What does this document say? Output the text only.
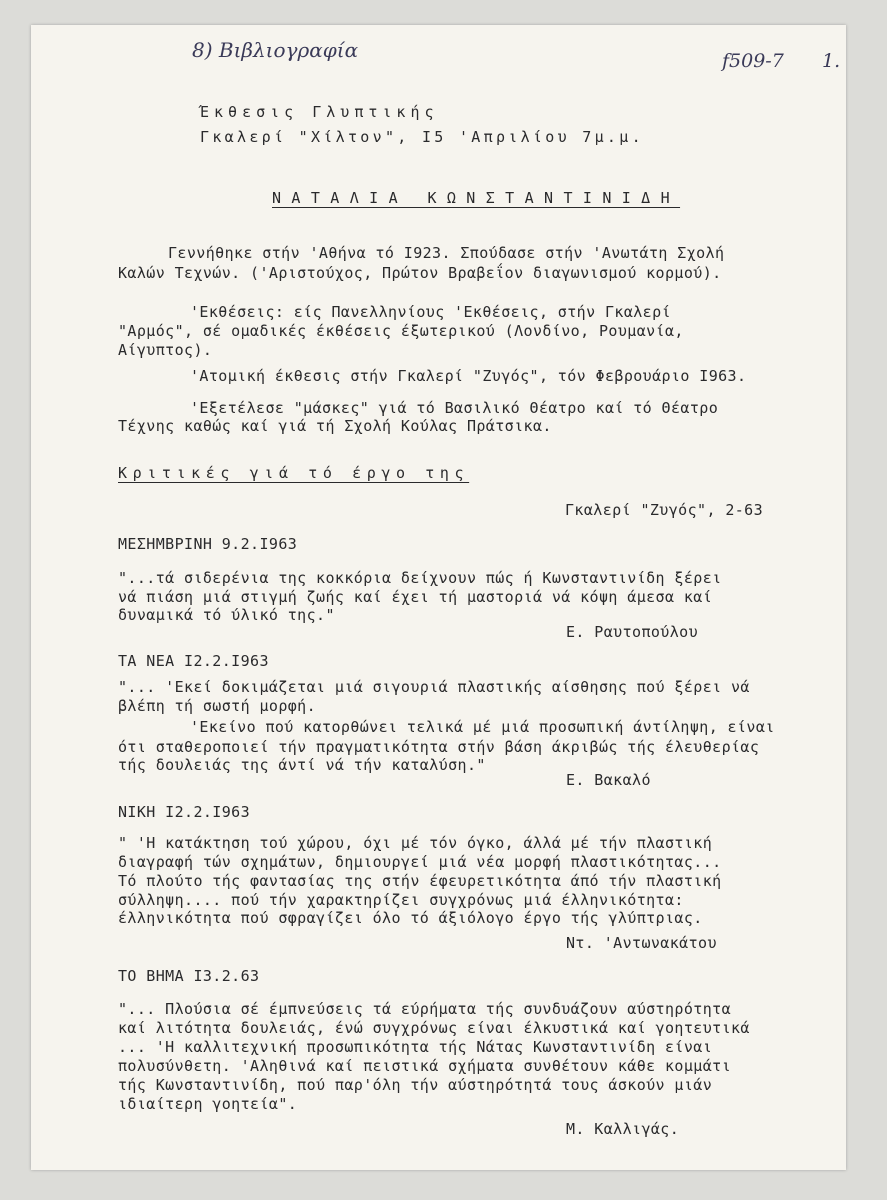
8) Βιβλιογραφία	f509-7 1.
Έκθεσις Γλυπτικής
Γκαλερί "Χίλτον", Ι5 'Απριλίου 7μ.μ.
ΝΑΤΑΛΙΑ ΚΩΝΣΤΑΝΤΙΝΙΔΗ
Γεννήθηκε στήν 'Αθήνα τό Ι923. Σπούδασε στήν 'Ανωτάτη Σχολή
Καλών Τεχνών. ('Αριστούχος, Πρώτον Βραβεΐον διαγωνισμού κορμού).
'Εκθέσεις: είς Πανελληνίους 'Εκθέσεις, στήν Γκαλερί
"Αρμός", σέ ομαδικές έκθέσεις έξωτερικού (Λονδίνο, Ρουμανία,
Αίγυπτος).
'Ατομική έκθεσις στήν Γκαλερί "Ζυγός", τόν Φεβρουάριο Ι963.
'Εξετέλεσε "μάσκες" γιά τό Βασιλικό Θέατρο καί τό Θέατρο
Τέχνης καθώς καί γιά τή Σχολή Κούλας Πράτσικα.
Κριτικές γιά τό έργο της
Γκαλερί "Ζυγός", 2-63
ΜΕΣΗΜΒΡΙΝΗ 9.2.Ι963
"...τά σιδερένια της κοκκόρια δείχνουν πώς ή Κωνσταντινίδη ξέρει
νά πιάση μιά στιγμή ζωής καί έχει τή μαστοριά νά κόψη άμεσα καί
δυναμικά τό ύλικό της."
Ε. Ραυτοπούλου
ΤΑ ΝΕΑ Ι2.2.Ι963
"... 'Εκεί δοκιμάζεται μιά σιγουριά πλαστικής αίσθησης πού ξέρει νά
βλέπη τή σωστή μορφή.
'Εκείνο πού κατορθώνει τελικά μέ μιά προσωπική άντίληψη, είναι
ότι σταθεροποιεί τήν πραγματικότητα στήν βάση άκριβώς τής έλευθερίας
τής δουλειάς της άντί νά τήν καταλύση."
Ε. Βακαλό
ΝΙΚΗ Ι2.2.Ι963
" 'Η κατάκτηση τού χώρου, όχι μέ τόν όγκο, άλλά μέ τήν πλαστική
διαγραφή τών σχημάτων, δημιουργεί μιά νέα μορφή πλαστικότητας...
Τό πλούτο τής φαντασίας της στήν έφευρετικότητα άπό τήν πλαστική
σύλληψη.... πού τήν χαρακτηρίζει συγχρόνως μιά έλληνικότητα:
έλληνικότητα πού σφραγίζει όλο τό άξιόλογο έργο τής γλύπτριας.
Ντ. 'Αντωνακάτου
ΤΟ ΒΗΜΑ Ι3.2.63
"... Πλούσια σέ έμπνεύσεις τά εύρήματα τής συνδυάζουν αύστηρότητα
καί λιτότητα δουλειάς, ένώ συγχρόνως είναι έλκυστικά καί γοητευτικά
... 'Η καλλιτεχνική προσωπικότητα τής Νάτας Κωνσταντινίδη είναι
πολυσύνθετη. 'Αληθινά καί πειστικά σχήματα συνθέτουν κάθε κομμάτι
τής Κωνσταντινίδη, πού παρ'όλη τήν αύστηρότητά τους άσκούν μιάν
ιδιαίτερη γοητεία".
Μ. Καλλιγάς.
